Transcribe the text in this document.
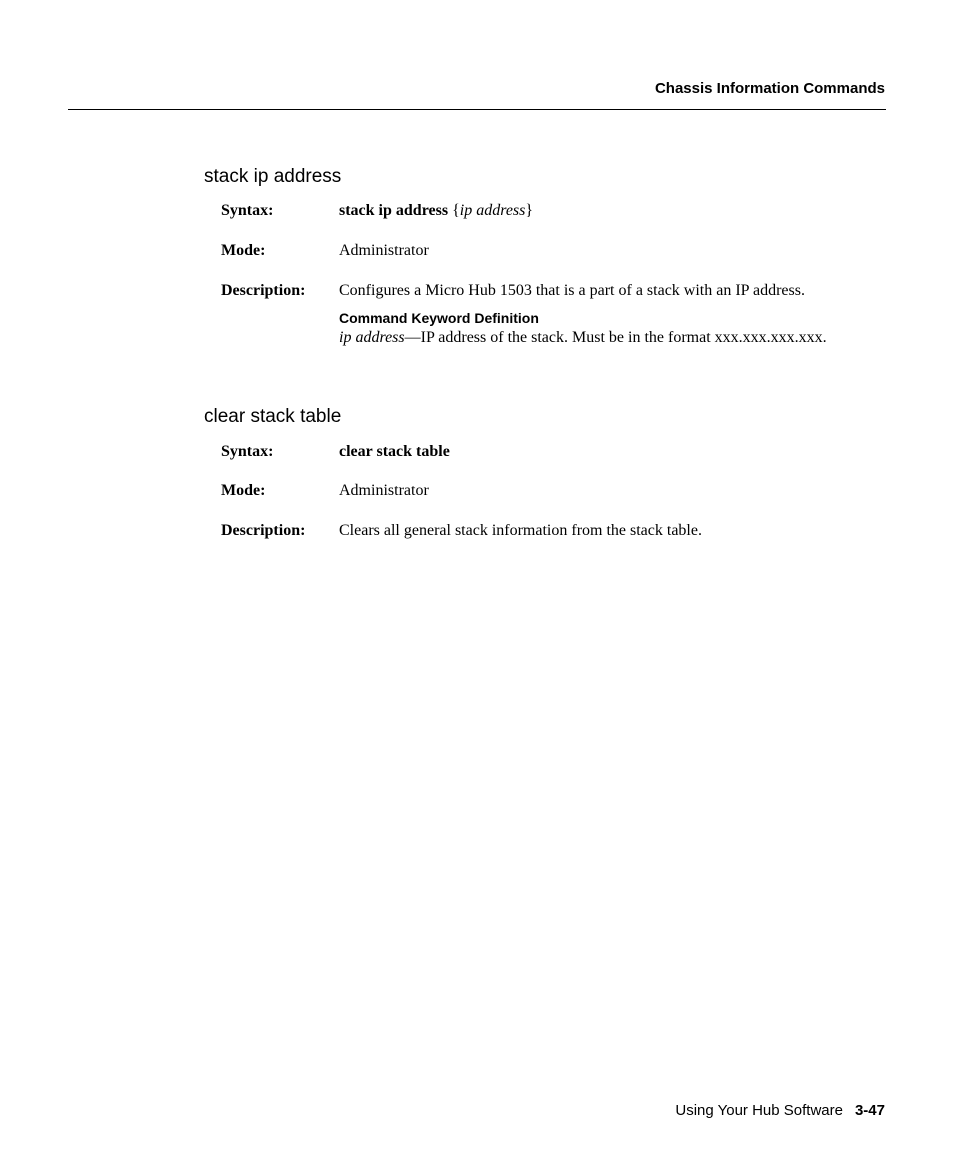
Chassis Information Commands
stack ip address
Syntax:	stack ip address {ip address}
Mode:	Administrator
Description: Configures a Micro Hub 1503 that is a part of a stack with an IP address.
Command Keyword Definition
ip address—IP address of the stack. Must be in the format xxx.xxx.xxx.xxx.
clear stack table
Syntax:	clear stack table
Mode:	Administrator
Description: Clears all general stack information from the stack table.
Using Your Hub Software 3-47
